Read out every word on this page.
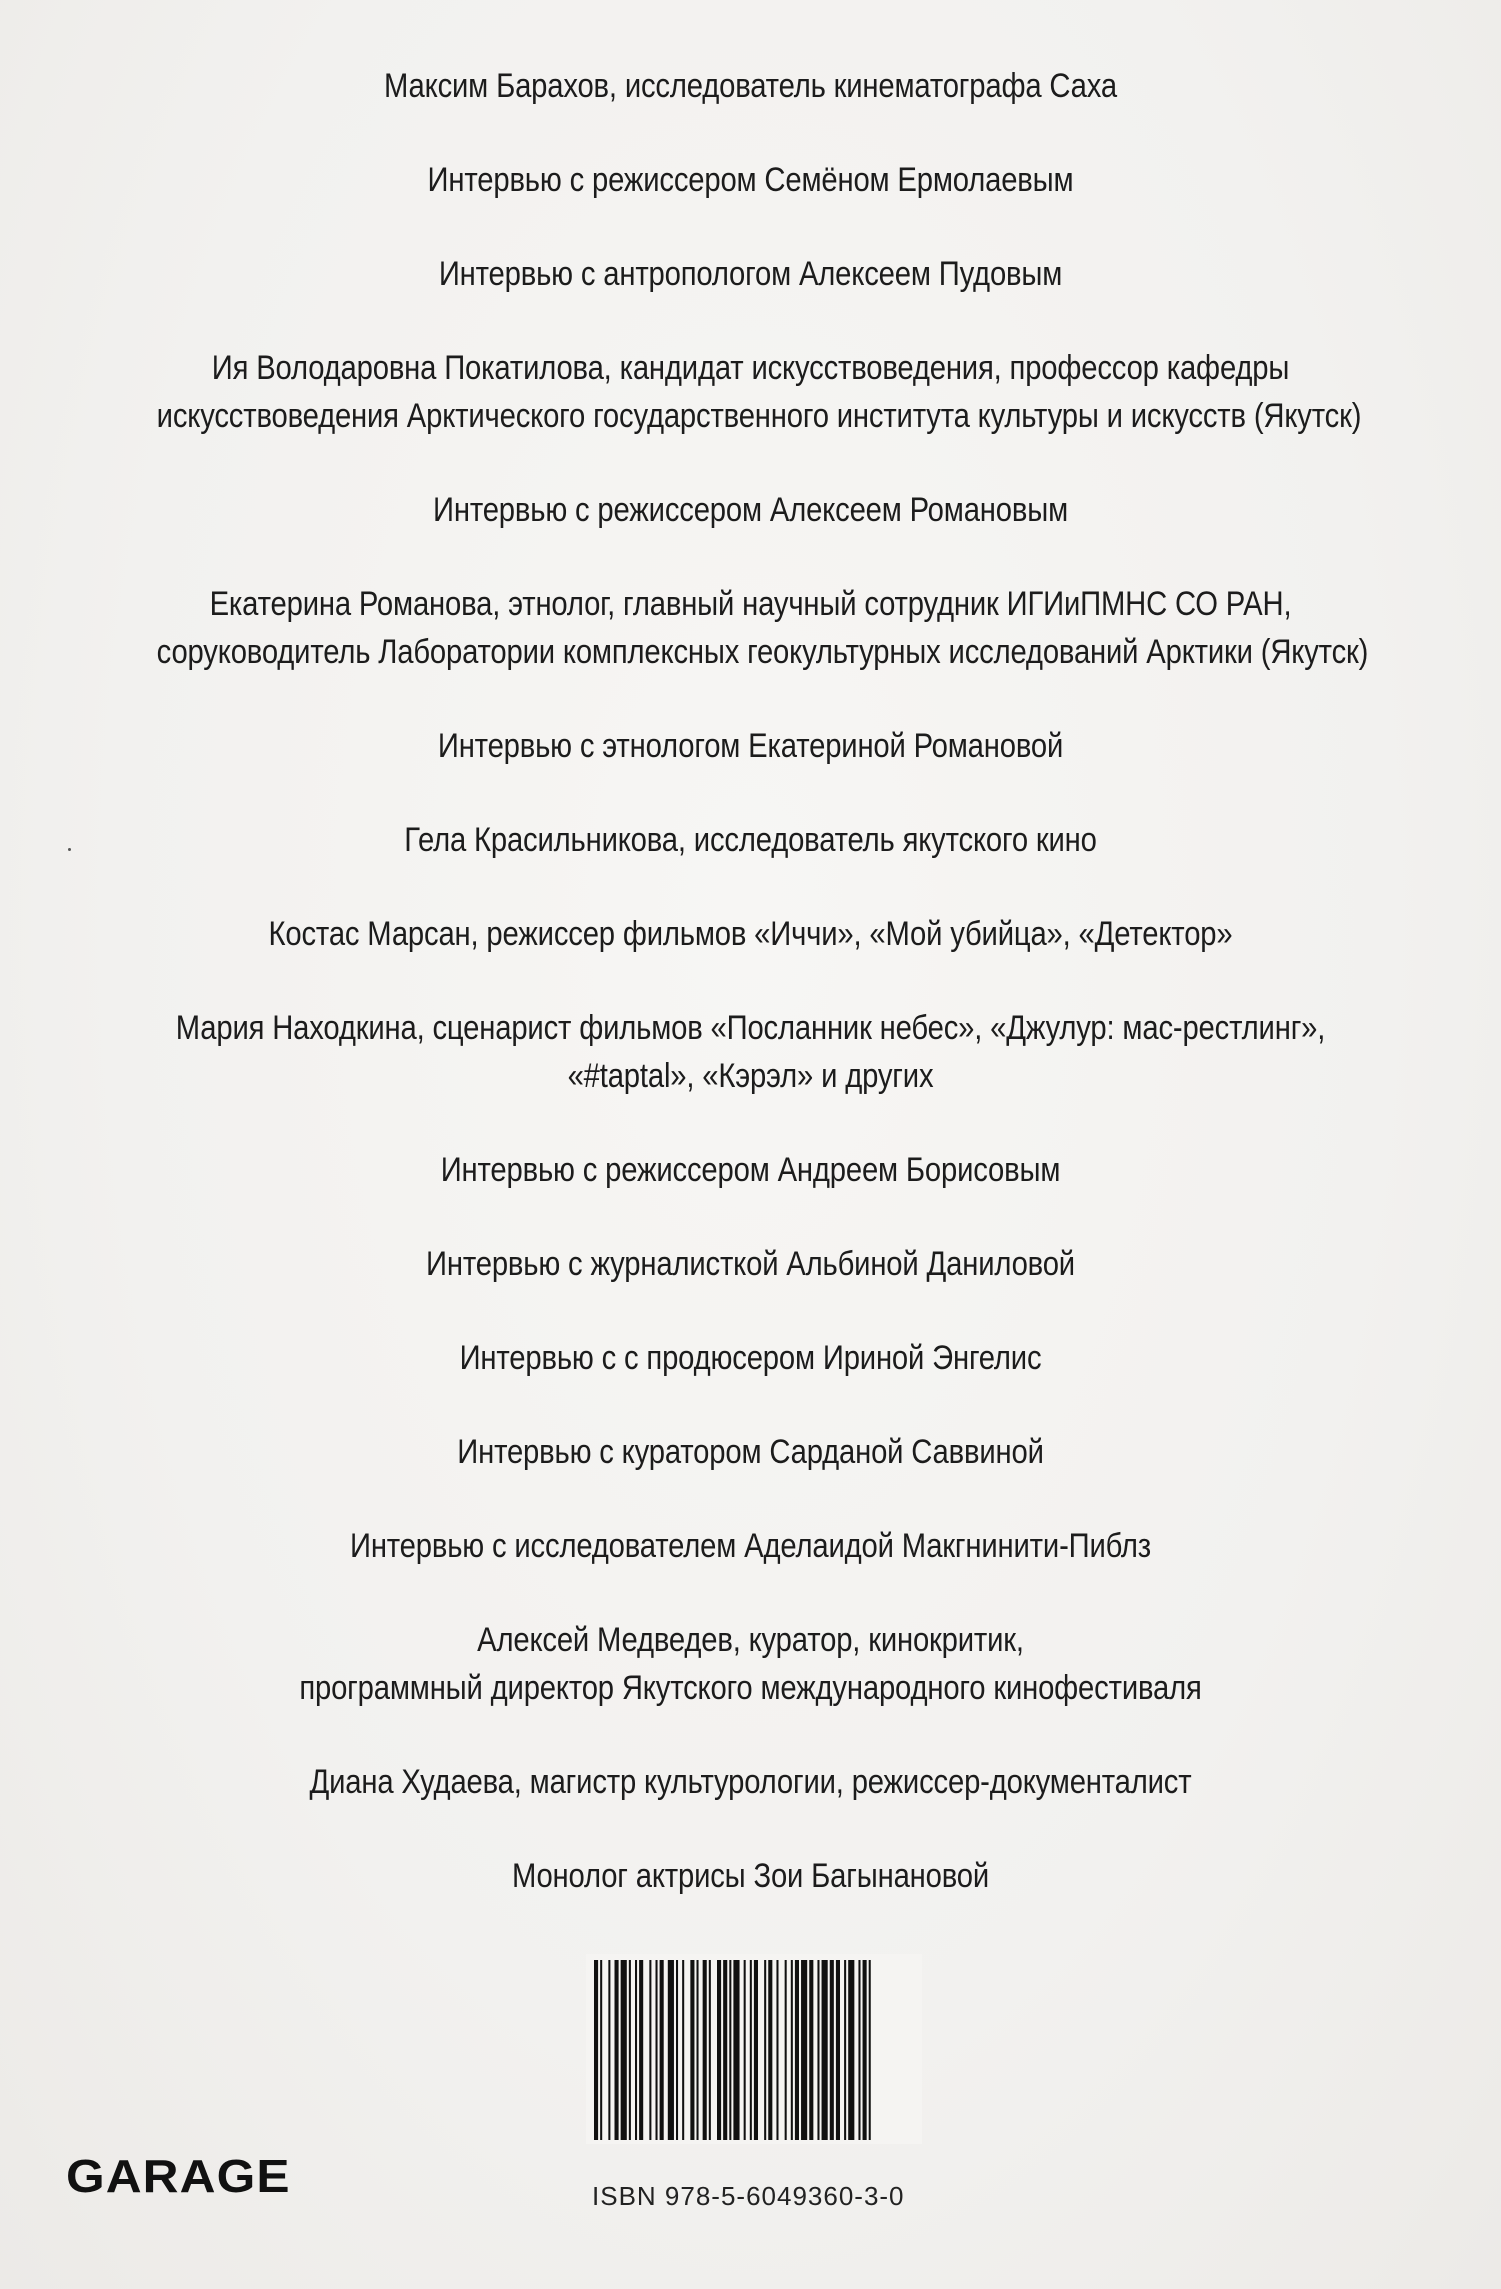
Максим Барахов, исследователь кинематографа Саха
Интервью с режиссером Семёном Ермолаевым
Интервью с антропологом Алексеем Пудовым
Ия Володаровна Покатилова, кандидат искусствоведения, профессор кафедры
искусствоведения Арктического государственного института культуры и искусств (Якутск)
Интервью с режиссером Алексеем Романовым
Екатерина Романова, этнолог, главный научный сотрудник ИГИиПМНС СО РАН,
соруководитель Лаборатории комплексных геокультурных исследований Арктики (Якутск)
Интервью с этнологом Екатериной Романовой
Гела Красильникова, исследователь якутского кино
Костас Марсан, режиссер фильмов «Иччи», «Мой убийца», «Детектор»
Мария Находкина, сценарист фильмов «Посланник небес», «Джулур: мас-рестлинг»,
«#taptal», «Кэрэл» и других
Интервью с режиссером Андреем Борисовым
Интервью с журналисткой Альбиной Даниловой
Интервью с с продюсером Ириной Энгелис
Интервью с куратором Сарданой Саввиной
Интервью с исследователем Аделаидой Макгнинити-Пиблз
Алексей Медведев, куратор, кинокритик,
программный директор Якутского международного кинофестиваля
Диана Худаева, магистр культурологии, режиссер-документалист
Монолог актрисы Зои Багынановой
ISBN 978-5-6049360-3-0
GARAGE
